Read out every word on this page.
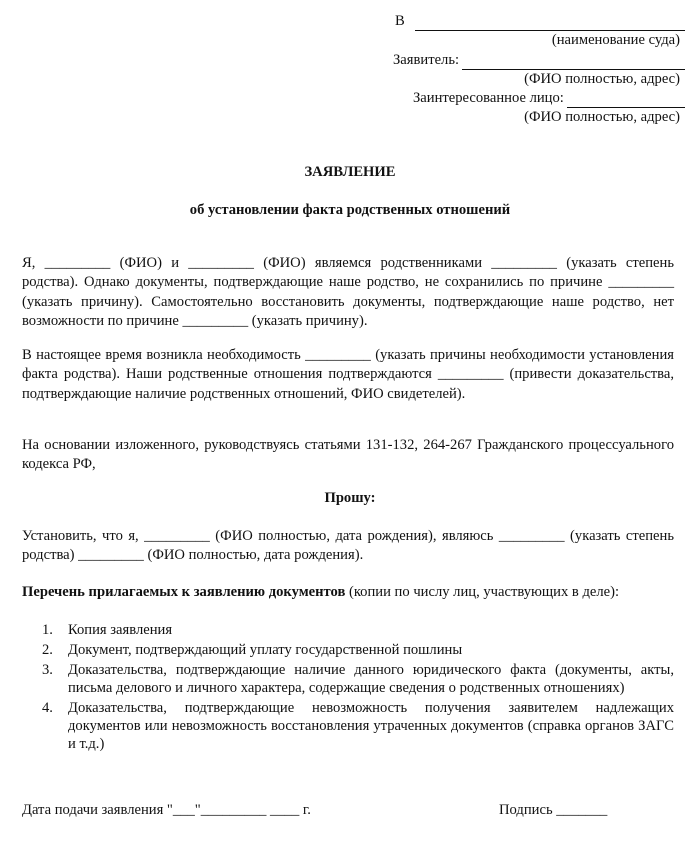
В
(наименование суда)
Заявитель:
(ФИО полностью, адрес)
Заинтересованное лицо:
(ФИО полностью, адрес)
ЗАЯВЛЕНИЕ
об установлении факта родственных отношений
Я, _________ (ФИО) и _________ (ФИО) являемся родственниками _________ (указать степень родства). Однако документы, подтверждающие наше родство, не сохранились по причине _________ (указать причину). Самостоятельно восстановить документы, подтверждающие наше родство, нет возможности по причине _________ (указать причину).
В настоящее время возникла необходимость _________ (указать причины необходимости установления факта родства). Наши родственные отношения подтверждаются _________ (привести доказательства, подтверждающие наличие родственных отношений, ФИО свидетелей).
На основании изложенного, руководствуясь статьями 131-132, 264-267 Гражданского процессуального кодекса РФ,
Прошу:
Установить, что я, _________ (ФИО полностью, дата рождения), являюсь _________ (указать степень родства) _________ (ФИО полностью, дата рождения).
Перечень прилагаемых к заявлению документов (копии по числу лиц, участвующих в деле):
1.	Копия заявления
2.	Документ, подтверждающий уплату государственной пошлины
3.	Доказательства, подтверждающие наличие данного юридического факта (документы, акты, письма делового и личного характера, содержащие сведения о родственных отношениях)
4.	Доказательства, подтверждающие невозможность получения заявителем надлежащих документов или невозможность восстановления утраченных документов (справка органов ЗАГС и т.д.)
Дата подачи заявления "___"_________ ____ г.	Подпись _______
